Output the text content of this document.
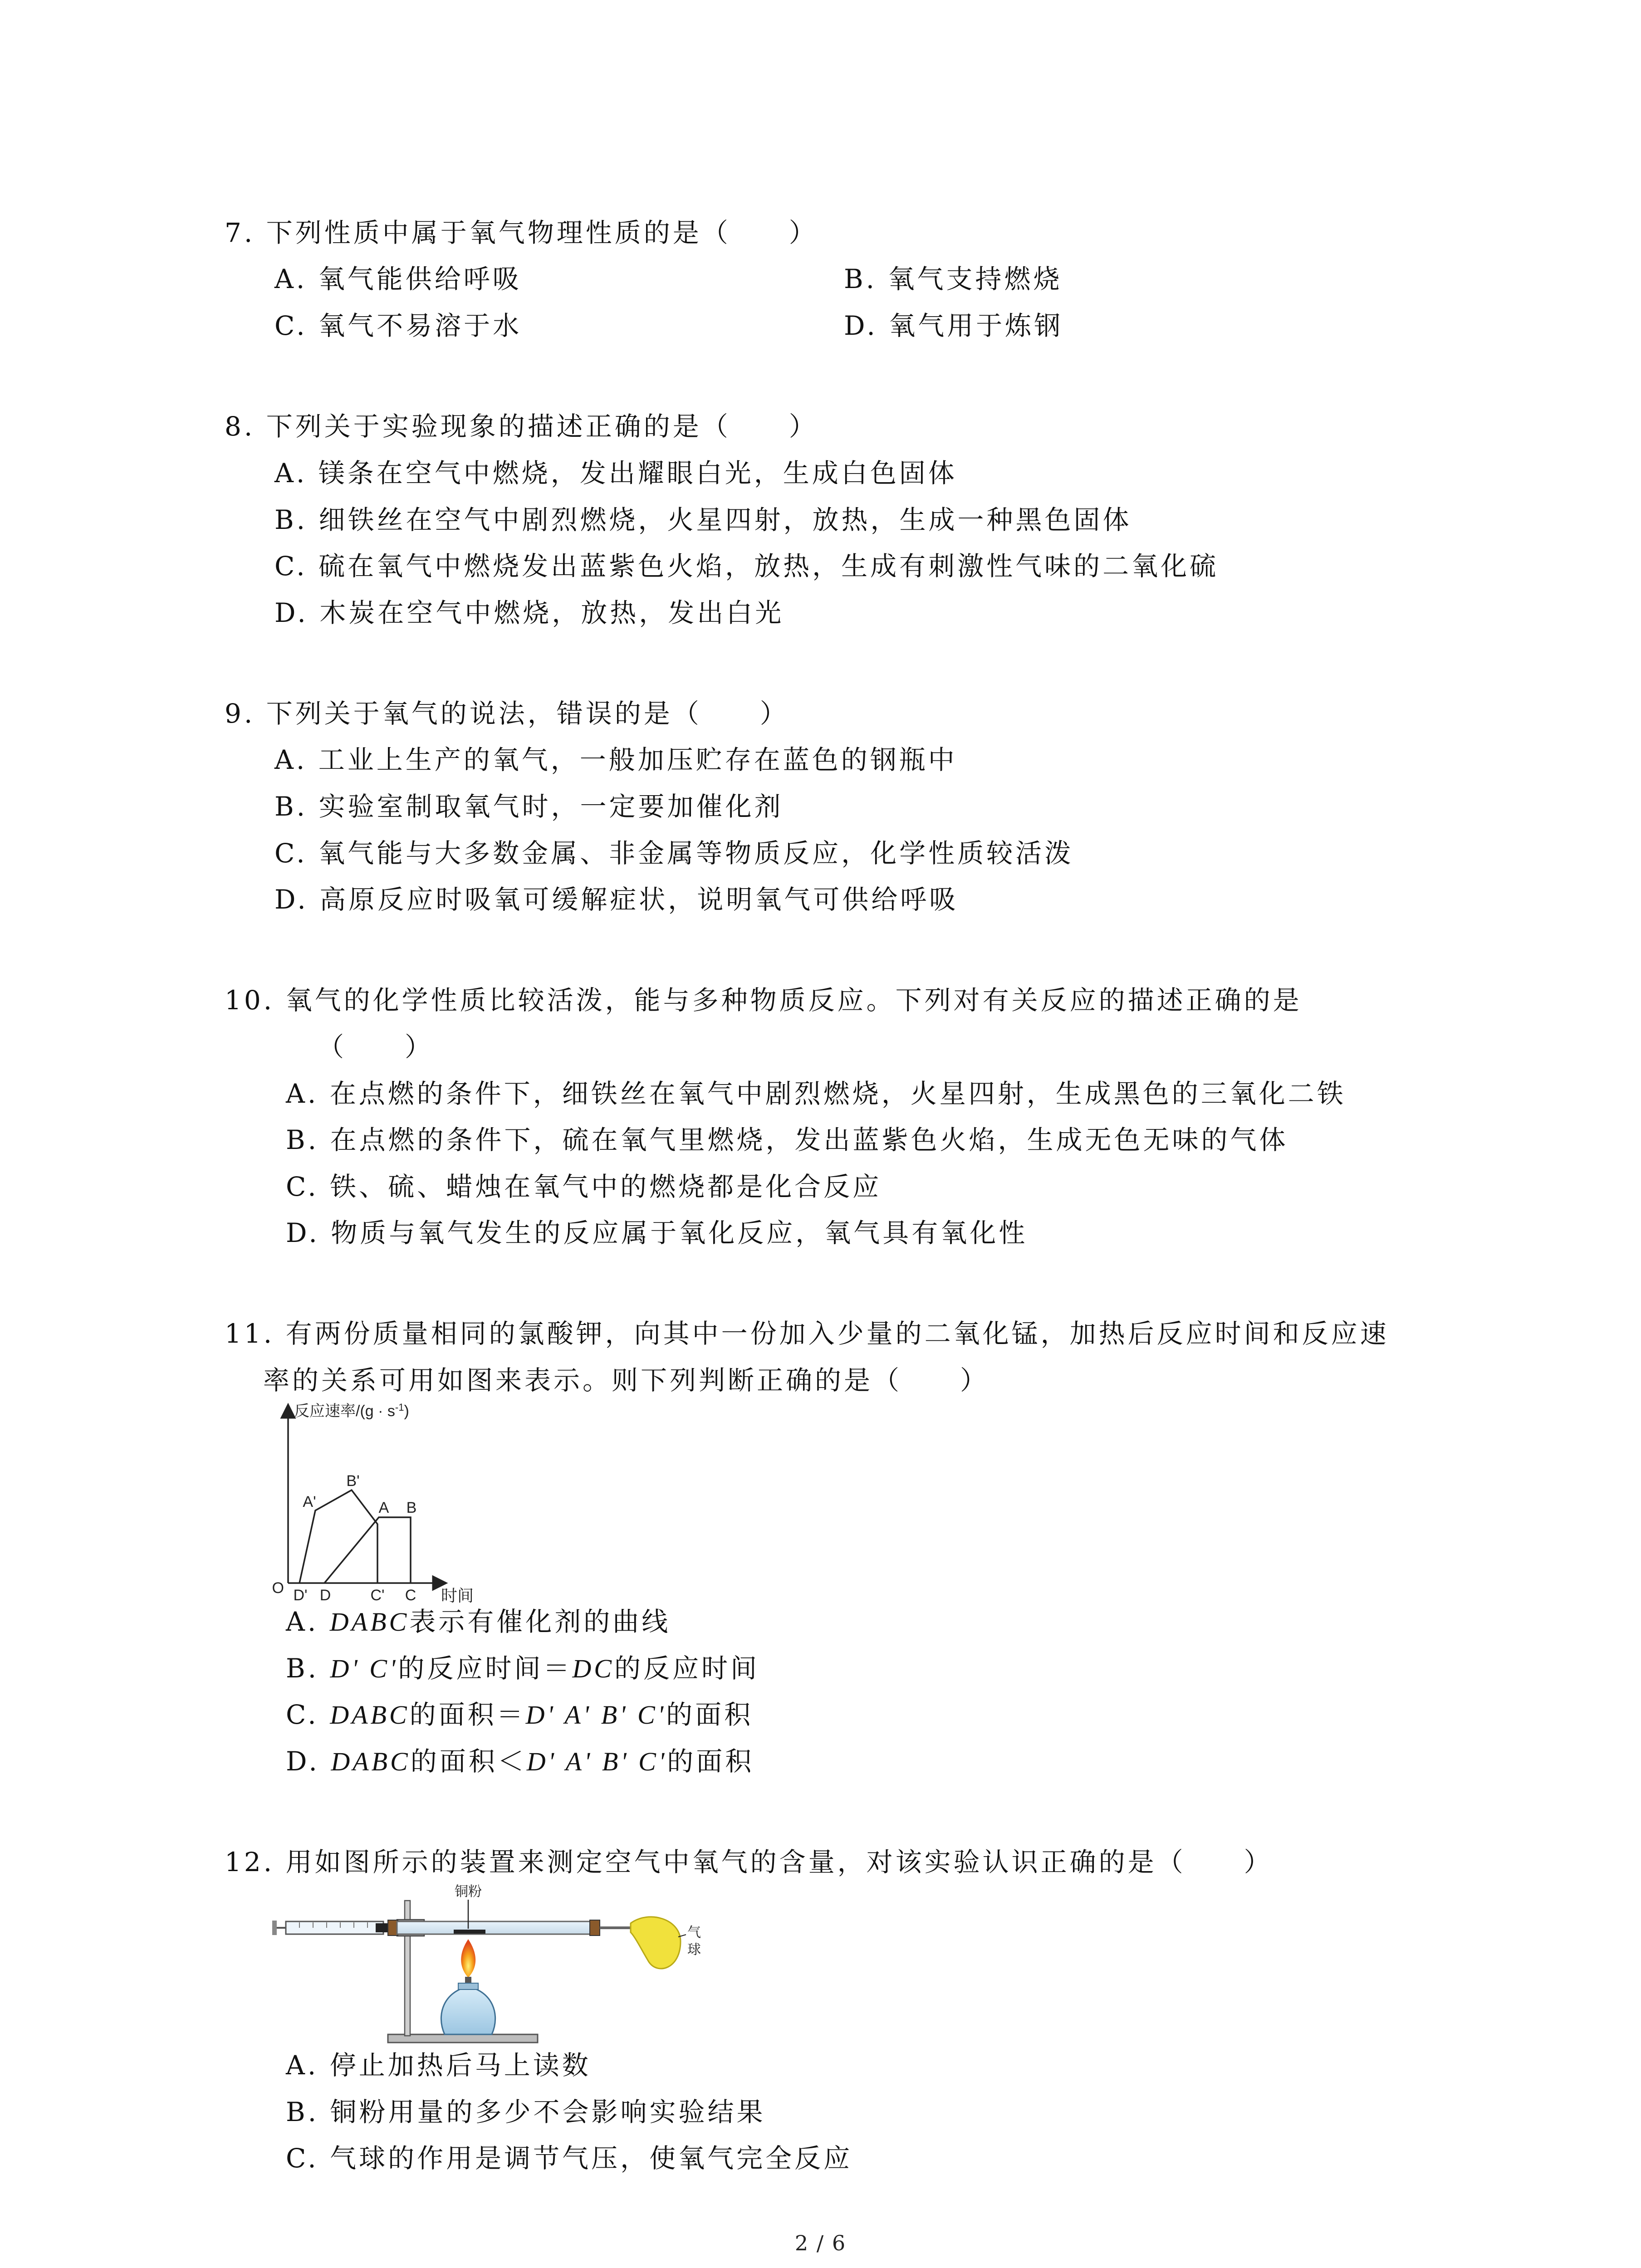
7. 下列性质中属于氧气物理性质的是（　　）
A. 氧气能供给呼吸	B. 氧气支持燃烧
C. 氧气不易溶于水	D. 氧气用于炼钢
8. 下列关于实验现象的描述正确的是（　　）
A. 镁条在空气中燃烧，发出耀眼白光，生成白色固体
B. 细铁丝在空气中剧烈燃烧，火星四射，放热，生成一种黑色固体
C. 硫在氧气中燃烧发出蓝紫色火焰，放热，生成有刺激性气味的二氧化硫
D. 木炭在空气中燃烧，放热，发出白光
9. 下列关于氧气的说法，错误的是（　　）
A. 工业上生产的氧气，一般加压贮存在蓝色的钢瓶中
B. 实验室制取氧气时，一定要加催化剂
C. 氧气能与大多数金属、非金属等物质反应，化学性质较活泼
D. 高原反应时吸氧可缓解症状，说明氧气可供给呼吸
10. 氧气的化学性质比较活泼，能与多种物质反应。下列对有关反应的描述正确的是
（　　）
A. 在点燃的条件下，细铁丝在氧气中剧烈燃烧，火星四射，生成黑色的三氧化二铁
B. 在点燃的条件下，硫在氧气里燃烧，发出蓝紫色火焰，生成无色无味的气体
C. 铁、硫、蜡烛在氧气中的燃烧都是化合反应
D. 物质与氧气发生的反应属于氧化反应，氧气具有氧化性
11. 有两份质量相同的氯酸钾，向其中一份加入少量的二氧化锰，加热后反应时间和反应速
率的关系可用如图来表示。则下列判断正确的是（　　）
反应速率$/(g \cdot s^{-1})$
时间
O D' D	C' C
A'
B'
A B
A. DABC表示有催化剂的曲线
B. D' C'的反应时间＝DC的反应时间
C. DABC的面积＝D' A' B' C'的面积
D. DABC的面积＜D' A' B' C'的面积
12. 用如图所示的装置来测定空气中氧气的含量，对该实验认识正确的是（　　）
铜粉
气
球
A. 停止加热后马上读数
B. 铜粉用量的多少不会影响实验结果
C. 气球的作用是调节气压，使氧气完全反应
2 / 6
